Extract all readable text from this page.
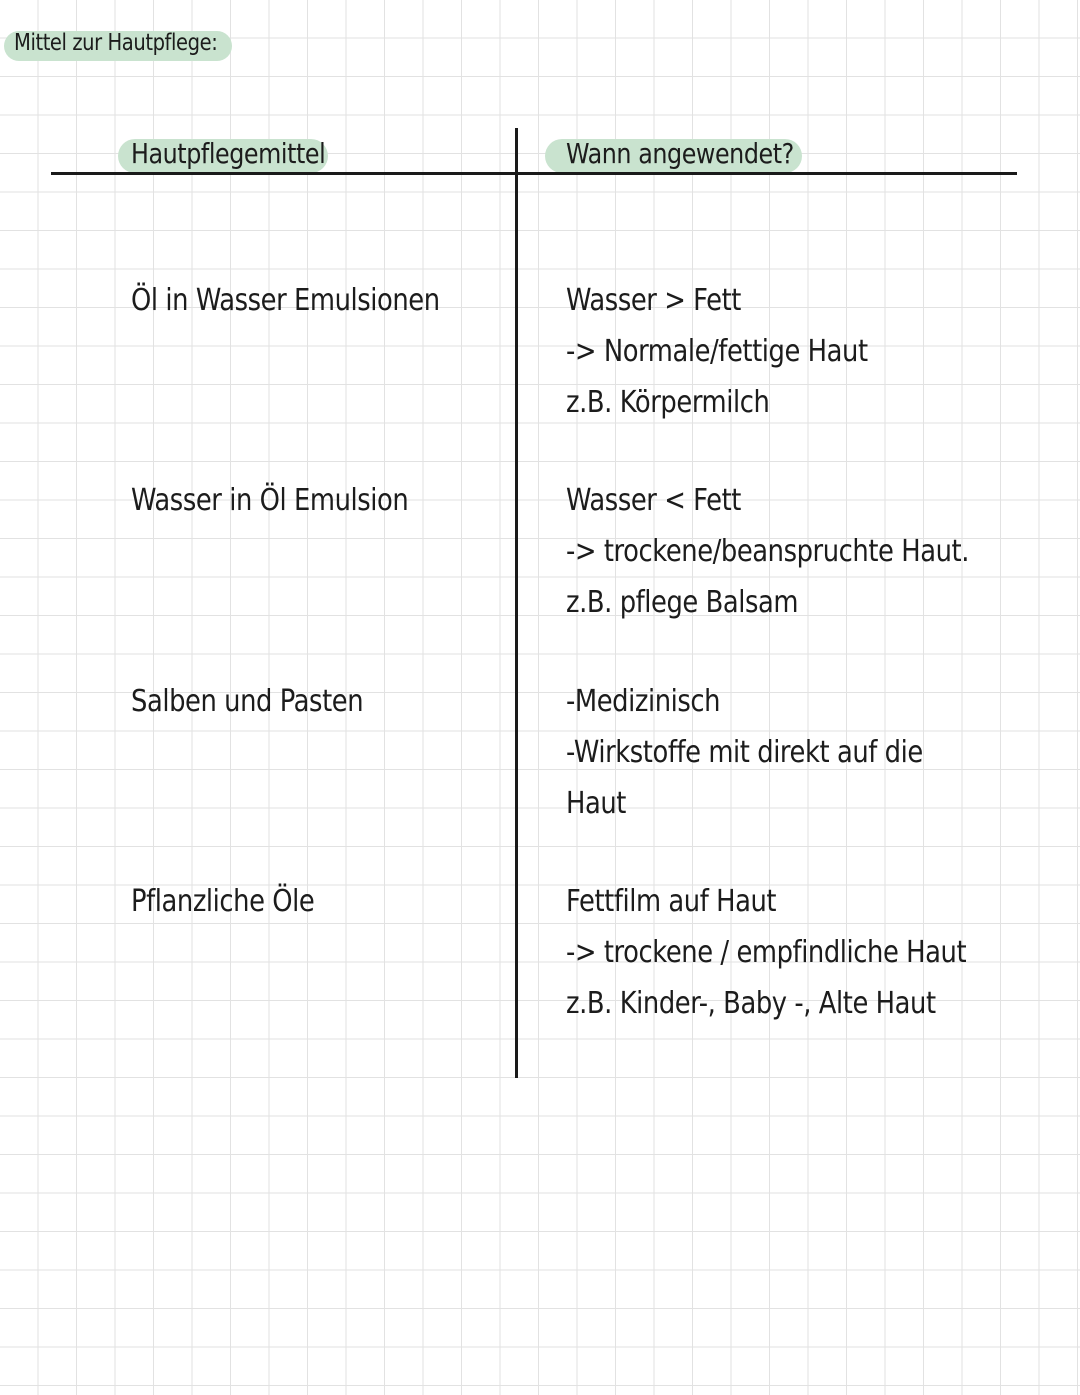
Mittel zur Hautpflege:
Hautpflegemittel	Wann angewendet?
Öl in Wasser Emulsionen	Wasser > Fett
-> Normale/fettige Haut
z.B. Körpermilch
Wasser in Öl Emulsion	Wasser < Fett
-> trockene/beanspruchte Haut.
z.B. pflege Balsam
Salben und Pasten	-Medizinisch
-Wirkstoffe mit direkt auf die
Haut
Pflanzliche Öle	Fettfilm auf Haut
-> trockene / empfindliche Haut
z.B. Kinder-, Baby -, Alte Haut
